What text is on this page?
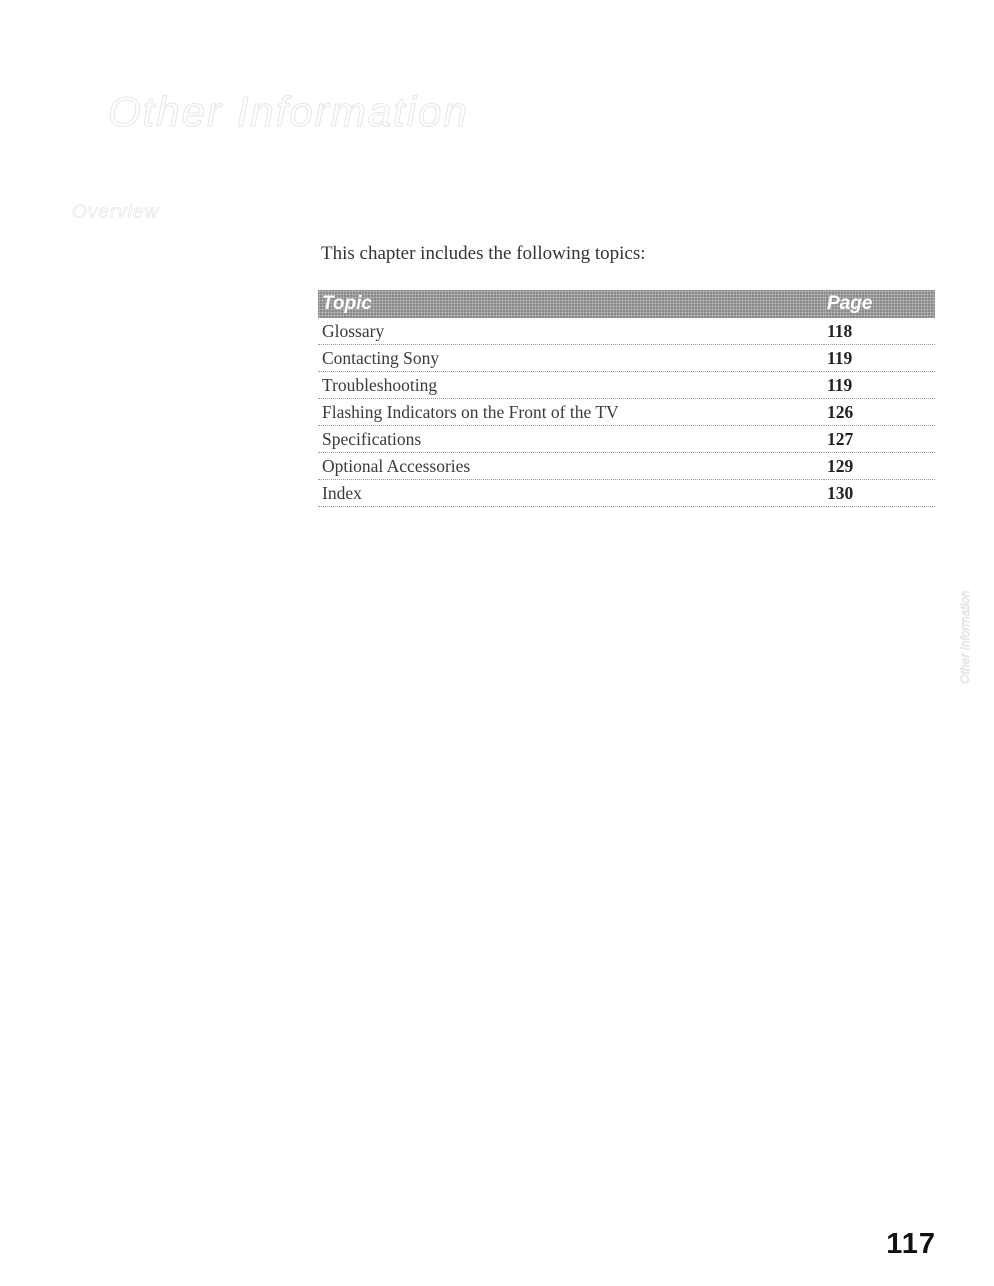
Other Information
Overview

This chapter includes the following topics:

Topic	Page
Glossary	118
Contacting Sony	119
Troubleshooting	119
Flashing Indicators on the Front of the TV	126
Specifications	127
Optional Accessories	129
Index	130
Other Information
117
